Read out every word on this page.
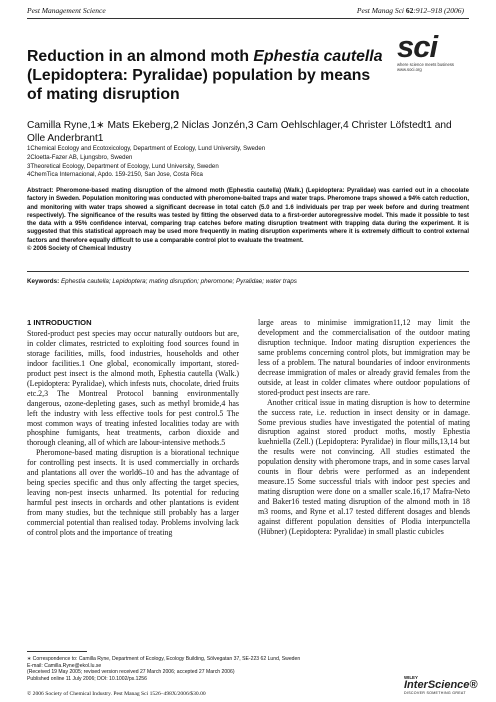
Pest Management Science	Pest Manag Sci 62:912–918 (2006)
sci
where science meets business
www.soci.org
Reduction in an almond moth Ephestia cautella (Lepidoptera: Pyralidae) population by means of mating disruption
Camilla Ryne,1∗ Mats Ekeberg,2 Niclas Jonzén,3 Cam Oehlschlager,4 Christer Löfstedt1 and Olle Anderbrant1
1Chemical Ecology and Ecotoxicology, Department of Ecology, Lund University, Sweden
2Cloetta-Fazer AB, Ljungsbro, Sweden
3Theoretical Ecology, Department of Ecology, Lund University, Sweden
4ChemTica Internacional, Apdo. 159-2150, San Jose, Costa Rica
Abstract: Pheromone-based mating disruption of the almond moth (Ephestia cautella) (Walk.) (Lepidoptera: Pyralidae) was carried out in a chocolate factory in Sweden. Population monitoring was conducted with pheromone-baited traps and water traps. Pheromone traps showed a 94% catch reduction, and monitoring with water traps showed a significant decrease in total catch (5.0 and 1.6 individuals per trap per week before and during treatment respectively). The significance of the results was tested by fitting the observed data to a first-order autoregressive model. This made it possible to test the data with a 95% confidence interval, comparing trap catches before mating disruption treatment with trapping data during the experiment. It is suggested that this statistical approach may be used more frequently in mating disruption experiments where it is extremely difficult to control external factors and therefore equally difficult to use a comparable control plot to evaluate the treatment.
© 2006 Society of Chemical Industry
Keywords: Ephestia cautella; Lepidoptera; mating disruption; pheromone; Pyralidae; water traps
1 INTRODUCTION

Stored-product pest species may occur naturally outdoors but are, in colder climates, restricted to exploiting food sources found in storage facilities, mills, food industries, households and other indoor facilities.1 One global, economically important, stored-product pest insect is the almond moth, Ephestia cautella (Walk.) (Lepidoptera: Pyralidae), which infests nuts, chocolate, dried fruits etc.2,3 The Montreal Protocol banning environmentally dangerous, ozone-depleting gases, such as methyl bromide,4 has left the industry with less effective tools for pest control.5 The most common ways of treating infested localities today are with phosphine fumigants, heat treatments, carbon dioxide and thorough cleaning, all of which are labour-intensive methods.5

Pheromone-based mating disruption is a biorational technique for controlling pest insects. It is used commercially in orchards and plantations all over the world6–10 and has the advantage of being species specific and thus only affecting the target species, leaving non-pest insects unharmed. Its potential for reducing harmful pest insects in orchards and other plantations is evident from many studies, but the technique still probably has a larger commercial potential than realised today. Problems involving lack of control plots and the importance of treating

large areas to minimise immigration11,12 may limit the development and the commercialisation of the outdoor mating disruption technique. Indoor mating disruption experiences the same problems concerning control plots, but immigration may be less of a problem. The natural boundaries of indoor environments decrease immigration of males or already gravid females from the outside, at least in colder climates where outdoor populations of stored-product pest insects are rare.

Another critical issue in mating disruption is how to determine the success rate, i.e. reduction in insect density or in damage. Some previous studies have investigated the potential of mating disruption against stored product moths, mostly Ephestia kuehniella (Zell.) (Lepidoptera: Pyralidae) in flour mills,13,14 but the results were not convincing. All studies estimated the population density with pheromone traps, and in some cases larval counts in flour debris were performed as an independent measure.15 Some successful trials with indoor pest species and mating disruption were done on a smaller scale.16,17 Mafra-Neto and Baker16 tested mating disruption of the almond moth in 18 m3 rooms, and Ryne et al.17 tested different dosages and blends against different population densities of Plodia interpunctella (Hübner) (Lepidoptera: Pyralidae) in small plastic cubicles

∗ Correspondence to: Camilla Ryne, Department of Ecology, Ecology Building, Sölvegatan 37, SE-223 62 Lund, Sweden
E-mail: Camilla.Ryne@ekol.lu.se
(Received 19 May 2005; revised version received 27 March 2006; accepted 27 March 2006)
Published online 11 July 2006; DOI: 10.1002/ps.1256
© 2006 Society of Chemical Industry. Pest Manag Sci 1526–498X/2006/$30.00
WILEY
InterScience®
DISCOVER SOMETHING GREAT
